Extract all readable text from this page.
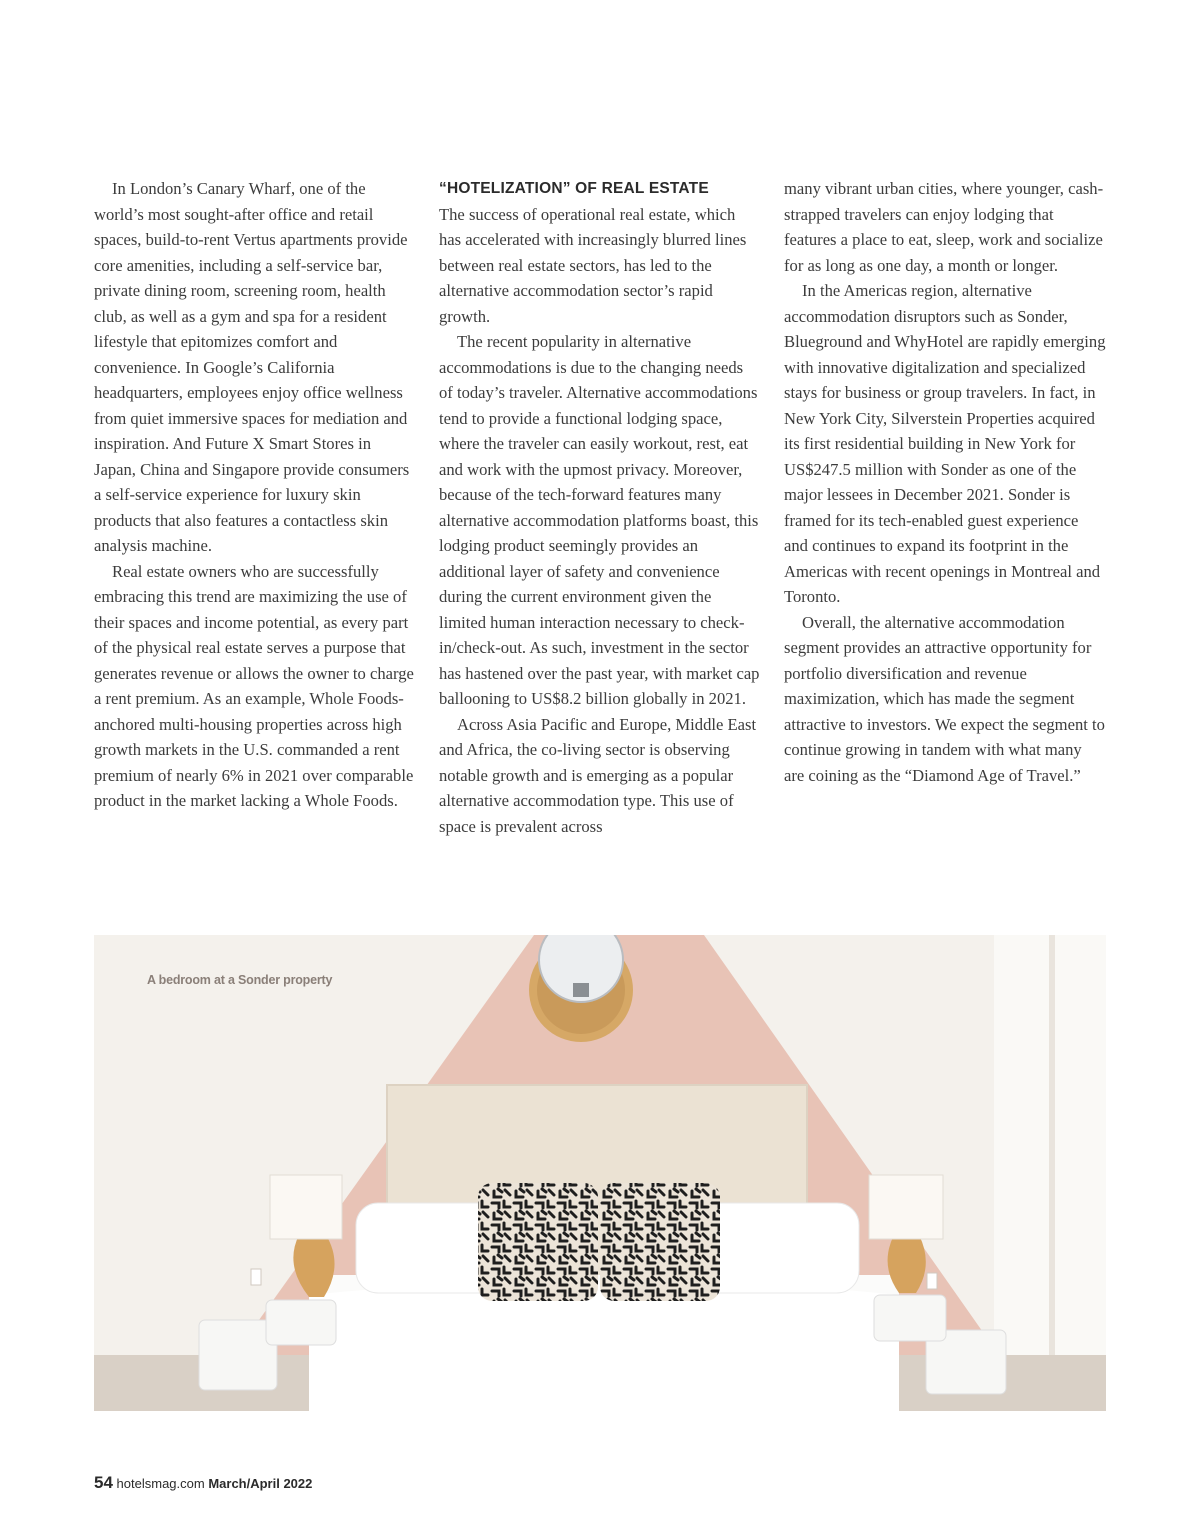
In London’s Canary Wharf, one of the world’s most sought-after office and retail spaces, build-to-rent Vertus apartments provide core amenities, including a self-service bar, private dining room, screening room, health club, as well as a gym and spa for a resident lifestyle that epitomizes comfort and convenience. In Google’s California headquarters, employees enjoy office wellness from quiet immersive spaces for mediation and inspiration. And Future X Smart Stores in Japan, China and Singapore provide consumers a self-service experience for luxury skin products that also features a contactless skin analysis machine.

Real estate owners who are successfully embracing this trend are maximizing the use of their spaces and income potential, as every part of the physical real estate serves a purpose that generates revenue or allows the owner to charge a rent premium. As an example, Whole Foods-anchored multi-housing properties across high growth markets in the U.S. commanded a rent premium of nearly 6% in 2021 over comparable product in the market lacking a Whole Foods.

“HOTELIZATION” OF REAL ESTATE

The success of operational real estate, which has accelerated with increasingly blurred lines between real estate sectors, has led to the alternative accommodation sector’s rapid growth.

The recent popularity in alternative accommodations is due to the changing needs of today’s traveler. Alternative accommodations tend to provide a functional lodging space, where the traveler can easily workout, rest, eat and work with the upmost privacy. Moreover, because of the tech-forward features many alternative accommodation platforms boast, this lodging product seemingly provides an additional layer of safety and convenience during the current environment given the limited human interaction necessary to check-in/check-out. As such, investment in the sector has hastened over the past year, with market cap ballooning to US$8.2 billion globally in 2021.

Across Asia Pacific and Europe, Middle East and Africa, the co-living sector is observing notable growth and is emerging as a popular alternative accommodation type. This use of space is prevalent across

many vibrant urban cities, where younger, cash-strapped travelers can enjoy lodging that features a place to eat, sleep, work and socialize for as long as one day, a month or longer.

In the Americas region, alternative accommodation disruptors such as Sonder, Blueground and WhyHotel are rapidly emerging with innovative digitalization and specialized stays for business or group travelers. In fact, in New York City, Silverstein Properties acquired its first residential building in New York for US$247.5 million with Sonder as one of the major lessees in December 2021. Sonder is framed for its tech-enabled guest experience and continues to expand its footprint in the Americas with recent openings in Montreal and Toronto.

Overall, the alternative accommodation segment provides an attractive opportunity for portfolio diversification and revenue maximization, which has made the segment attractive to investors. We expect the segment to continue growing in tandem with what many are coining as the “Diamond Age of Travel.”

A bedroom at a Sonder property
54 hotelsmag.com March/April 2022
